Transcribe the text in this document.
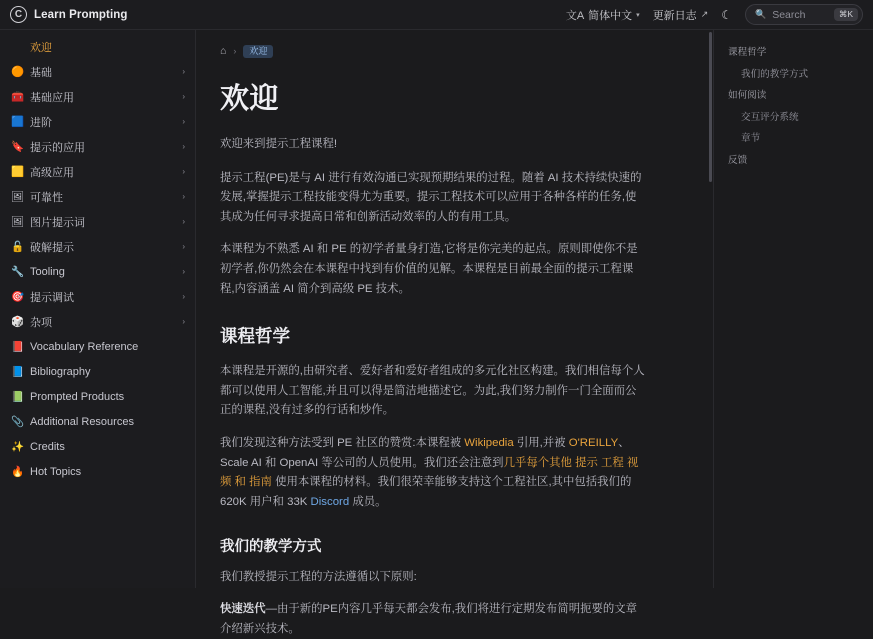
C	Learn Prompting	文A 简体中文 ▾ 更新日志 ↗ ☾	🔍 Search	⌘K
欢迎
🟠 基础	›
🧰 基础应用	›
🟦 进阶	›
🔖 提示的应用	›
🟨 高级应用	›
🖼 可靠性	›
🖼 图片提示词	›
🔓 破解提示	›
🔧 Tooling	›
🎯 提示调试	›
🎲 杂项	›
📕 Vocabulary Reference
📘 Bibliography
📗 Prompted Products
📎 Additional Resources
✨ Credits
🔥 Hot Topics
⌂ ›	欢迎
欢迎

欢迎来到提示工程课程!

提示工程(PE)是与 AI 进行有效沟通已实现预期结果的过程。随着 AI 技术持续快速的发展,掌握提示工程技能变得尤为重要。提示工程技术可以应用于各种各样的任务,使其成为任何寻求提高日常和创新活动效率的人的有用工具。

本课程为不熟悉 AI 和 PE 的初学者量身打造,它将是你完美的起点。原则即使你不是初学者,你仍然会在本课程中找到有价值的见解。本课程是目前最全面的提示工程课程,内容涵盖 AI 简介到高级 PE 技术。

课程哲学

本课程是开源的,由研究者、爱好者和爱好者组成的多元化社区构建。我们相信每个人都可以使用人工智能,并且可以得是简洁地描述它。为此,我们努力制作一门全面而公正的课程,没有过多的行话和炒作。

我们发现这种方法受到 PE 社区的赞赏:本课程被 Wikipedia 引用,并被 O'REILLY、Scale AI 和 OpenAI 等公司的人员使用。我们还会注意到几乎每个其他 提示 工程 视频 和 指南 使用本课程的材料。我们很荣幸能够支持这个工程社区,其中包括我们的 620K 用户和 33K Discord 成员。

我们的教学方式

我们教授提示工程的方法遵循以下原则:

快速迭代—由于新的PE内容几乎每天都会发布,我们将进行定期发布简明扼要的文章介绍新兴技术。

课程哲学
我们的教学方式
如何阅读
交互评分系统
章节
反馈
